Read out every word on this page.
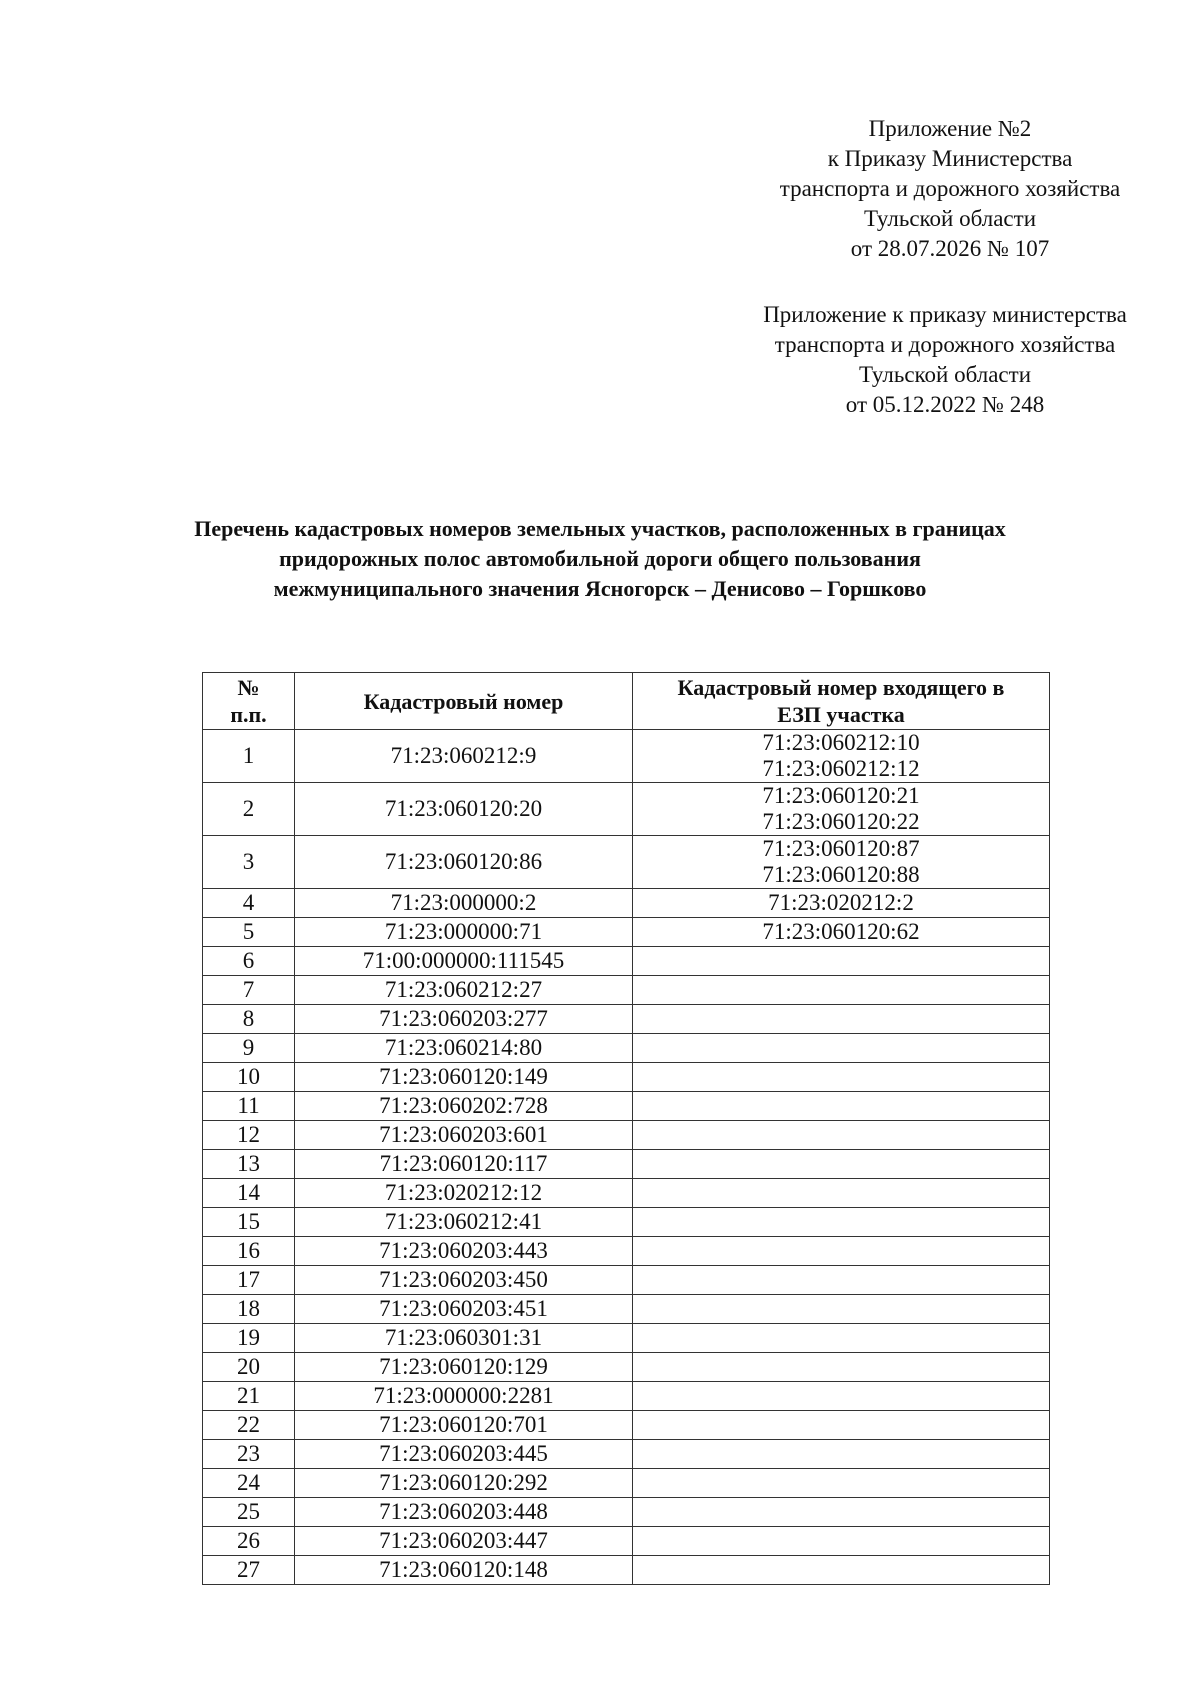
Приложение №2
к Приказу Министерства
транспорта и дорожного хозяйства
Тульской области
от 28.07.2026 № 107
Приложение к приказу министерства
транспорта и дорожного хозяйства
Тульской области
от 05.12.2022 № 248
Перечень кадастровых номеров земельных участков, расположенных в границах
придорожных полос автомобильной дороги общего пользования
межмуниципального значения Ясногорск – Денисово – Горшково
№
п.п.	Кадастровый номер	Кадастровый номер входящего в
ЕЗП участка

1	71:23:060212:9	71:23:060212:10
71:23:060212:12

2	71:23:060120:20	71:23:060120:21
71:23:060120:22

3	71:23:060120:86	71:23:060120:87
71:23:060120:88

4	71:23:000000:2	71:23:020212:2

5	71:23:000000:71	71:23:060120:62

6	71:00:000000:111545	
7	71:23:060212:27	
8	71:23:060203:277	
9	71:23:060214:80	
10	71:23:060120:149	
11	71:23:060202:728	
12	71:23:060203:601	
13	71:23:060120:117	
14	71:23:020212:12	
15	71:23:060212:41	
16	71:23:060203:443	
17	71:23:060203:450	
18	71:23:060203:451	
19	71:23:060301:31	
20	71:23:060120:129	
21	71:23:000000:2281	
22	71:23:060120:701	
23	71:23:060203:445	
24	71:23:060120:292	
25	71:23:060203:448	
26	71:23:060203:447	
27	71:23:060120:148	
